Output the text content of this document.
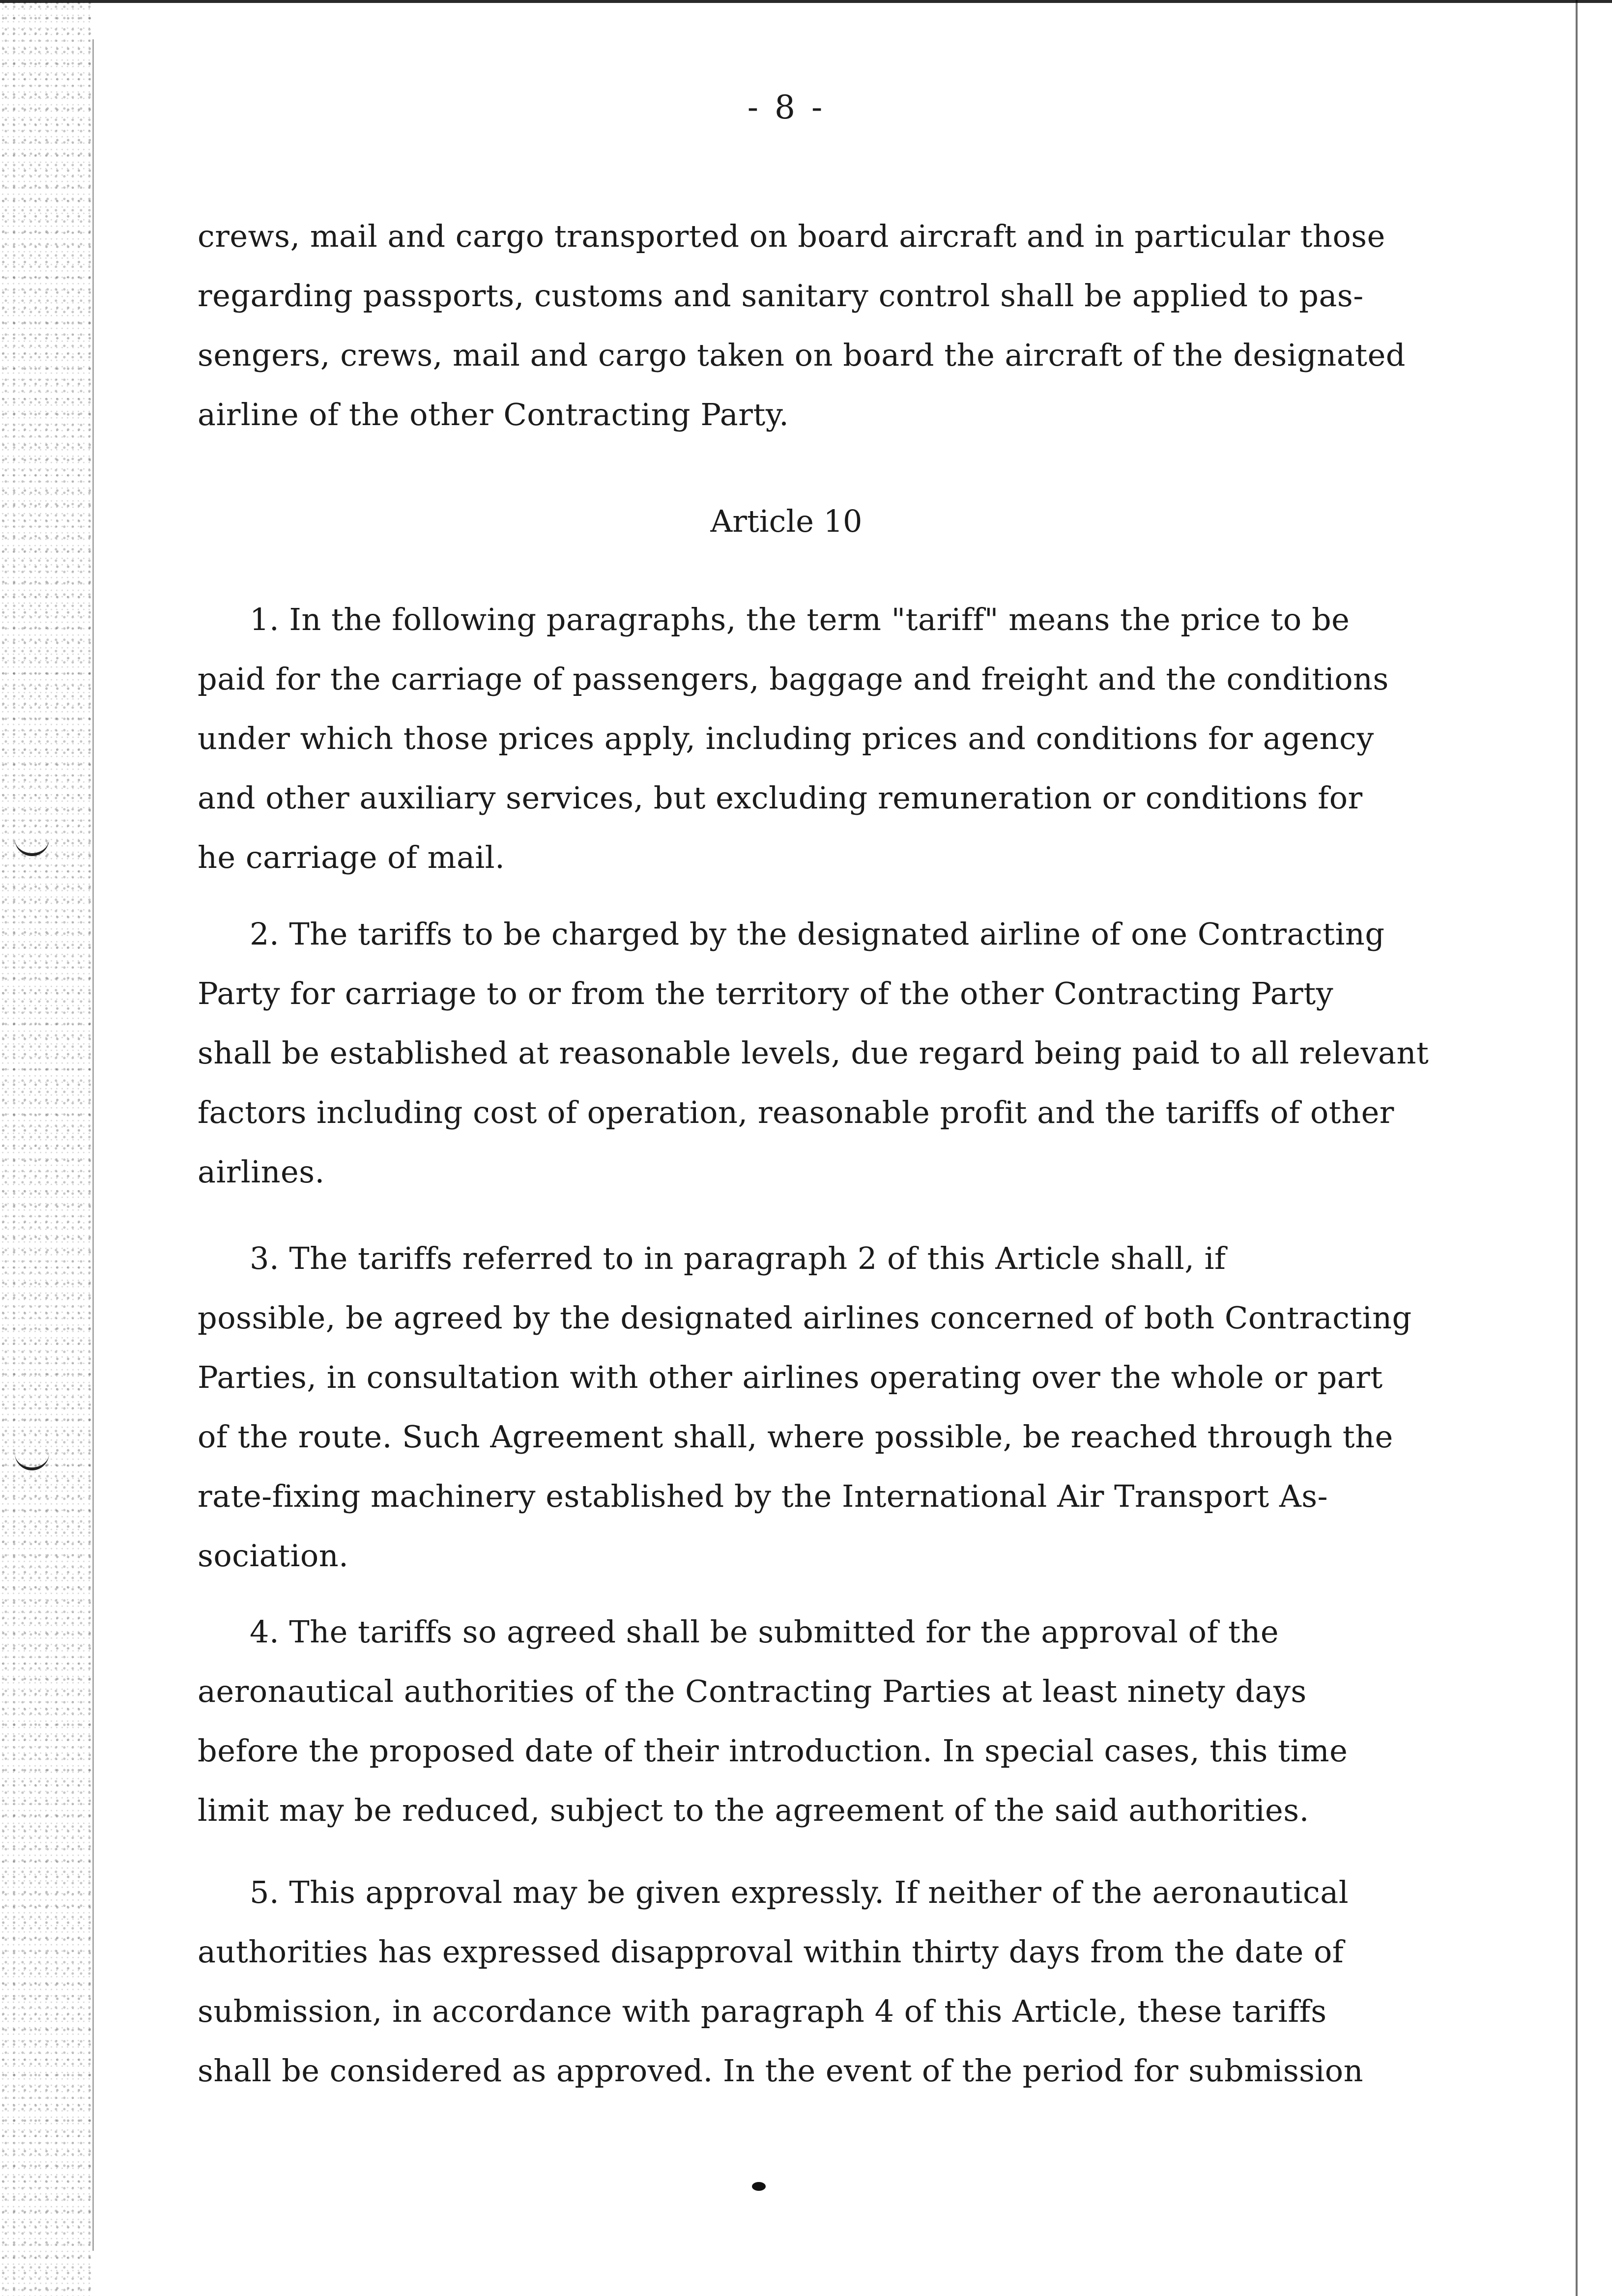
- 8 -
crews, mail and cargo transported on board aircraft and in particular those
regarding passports, customs and sanitary control shall be applied to pas-
sengers, crews, mail and cargo taken on board the aircraft of the designated
airline of the other Contracting Party.
Article 10
1. In the following paragraphs, the term "tariff" means the price to be
paid for the carriage of passengers, baggage and freight and the conditions
under which those prices apply, including prices and conditions for agency
and other auxiliary services, but excluding remuneration or conditions for
he carriage of mail.
2. The tariffs to be charged by the designated airline of one Contracting
Party for carriage to or from the territory of the other Contracting Party
shall be established at reasonable levels, due regard being paid to all relevant
factors including cost of operation, reasonable profit and the tariffs of other
airlines.
3. The tariffs referred to in paragraph 2 of this Article shall, if
possible, be agreed by the designated airlines concerned of both Contracting
Parties, in consultation with other airlines operating over the whole or part
of the route. Such Agreement shall, where possible, be reached through the
rate-fixing machinery established by the International Air Transport As-
sociation.
4. The tariffs so agreed shall be submitted for the approval of the
aeronautical authorities of the Contracting Parties at least ninety days
before the proposed date of their introduction. In special cases, this time
limit may be reduced, subject to the agreement of the said authorities.
5. This approval may be given expressly. If neither of the aeronautical
authorities has expressed disapproval within thirty days from the date of
submission, in accordance with paragraph 4 of this Article, these tariffs
shall be considered as approved. In the event of the period for submission
